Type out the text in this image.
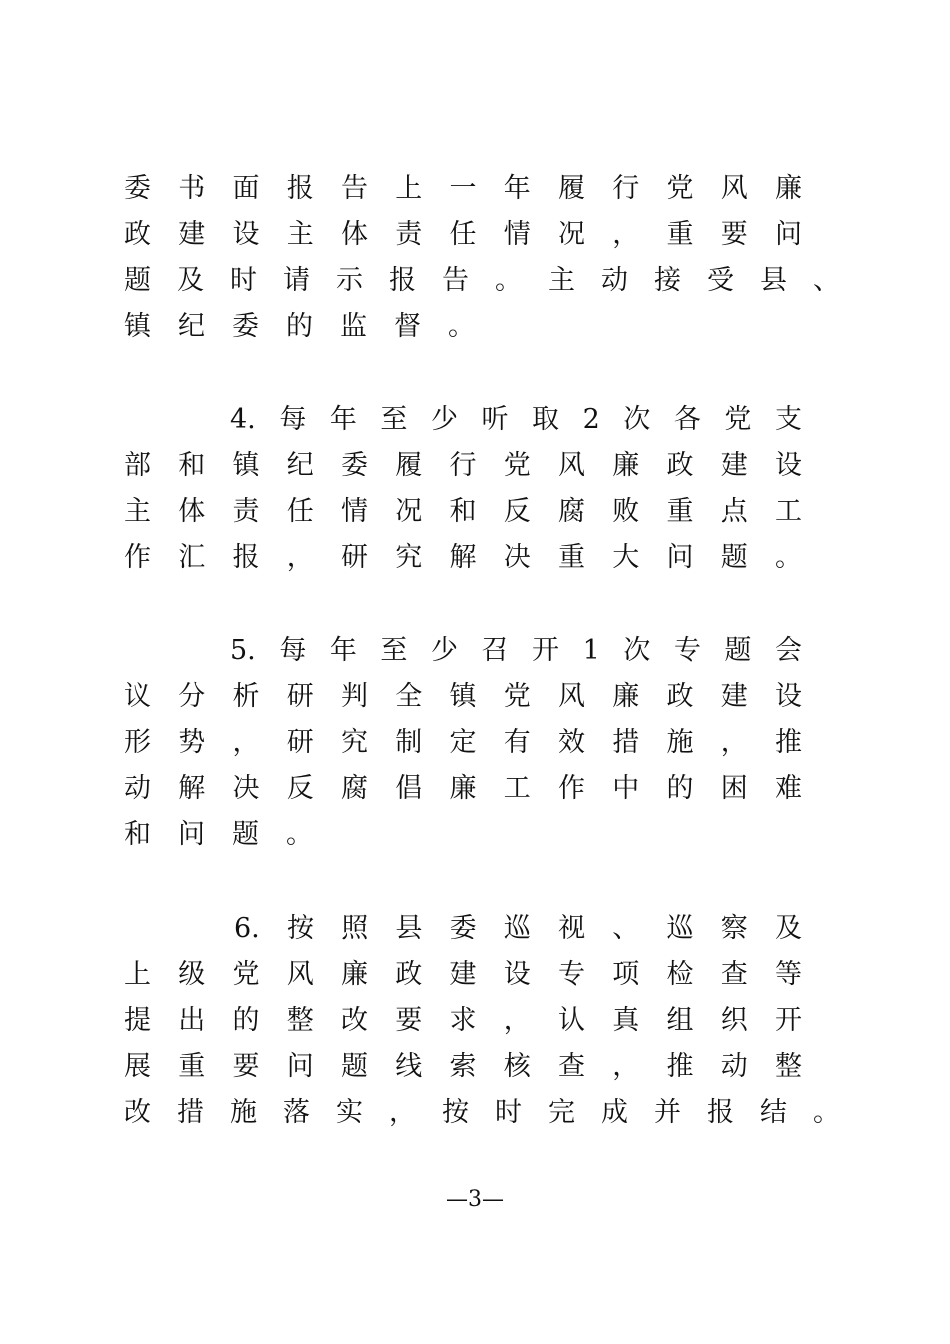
委 书 面 报 告 上 一 年 履 行 党 风 廉
政 建 设 主 体 责 任 情 况 ， 重 要 问
题 及 时 请 示 报 告 。 主 动 接 受 县 、
镇 纪 委 的 监 督 。
4. 每 年 至 少 听 取 2 次 各 党 支
部 和 镇 纪 委 履 行 党 风 廉 政 建 设
主 体 责 任 情 况 和 反 腐 败 重 点 工
作 汇 报 ， 研 究 解 决 重 大 问 题 。
5. 每 年 至 少 召 开 1 次 专 题 会
议 分 析 研 判 全 镇 党 风 廉 政 建 设
形 势 ， 研 究 制 定 有 效 措 施 ， 推
动 解 决 反 腐 倡 廉 工 作 中 的 困 难
和 问 题 。
6. 按 照 县 委 巡 视 、 巡 察 及
上 级 党 风 廉 政 建 设 专 项 检 查 等
提 出 的 整 改 要 求 ， 认 真 组 织 开
展 重 要 问 题 线 索 核 查 ， 推 动 整
改 措 施 落 实 ， 按 时 完 成 并 报 结 。
—3—
